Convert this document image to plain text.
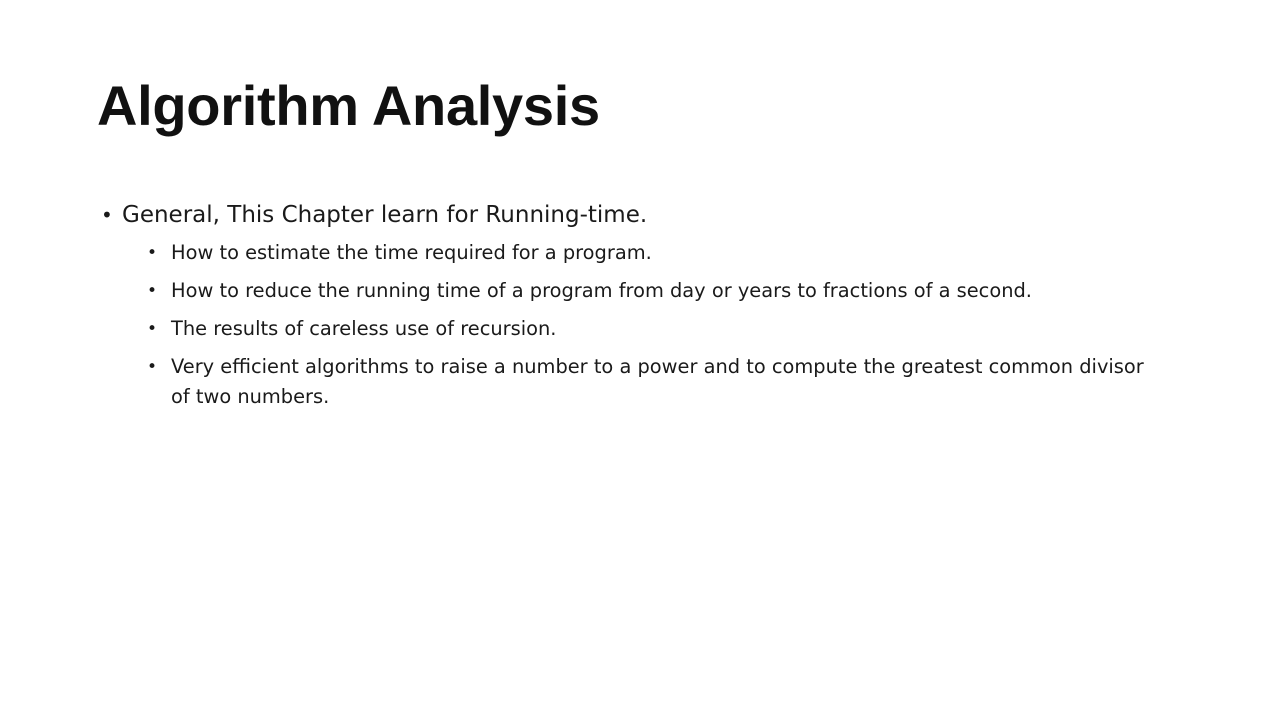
Algorithm Analysis
• General, This Chapter learn for Running-time.
• How to estimate the time required for a program.
• How to reduce the running time of a program from day or years to fractions of a second.
• The results of careless use of recursion.
• Very efficient algorithms to raise a number to a power and to compute the greatest common divisor of two numbers.
